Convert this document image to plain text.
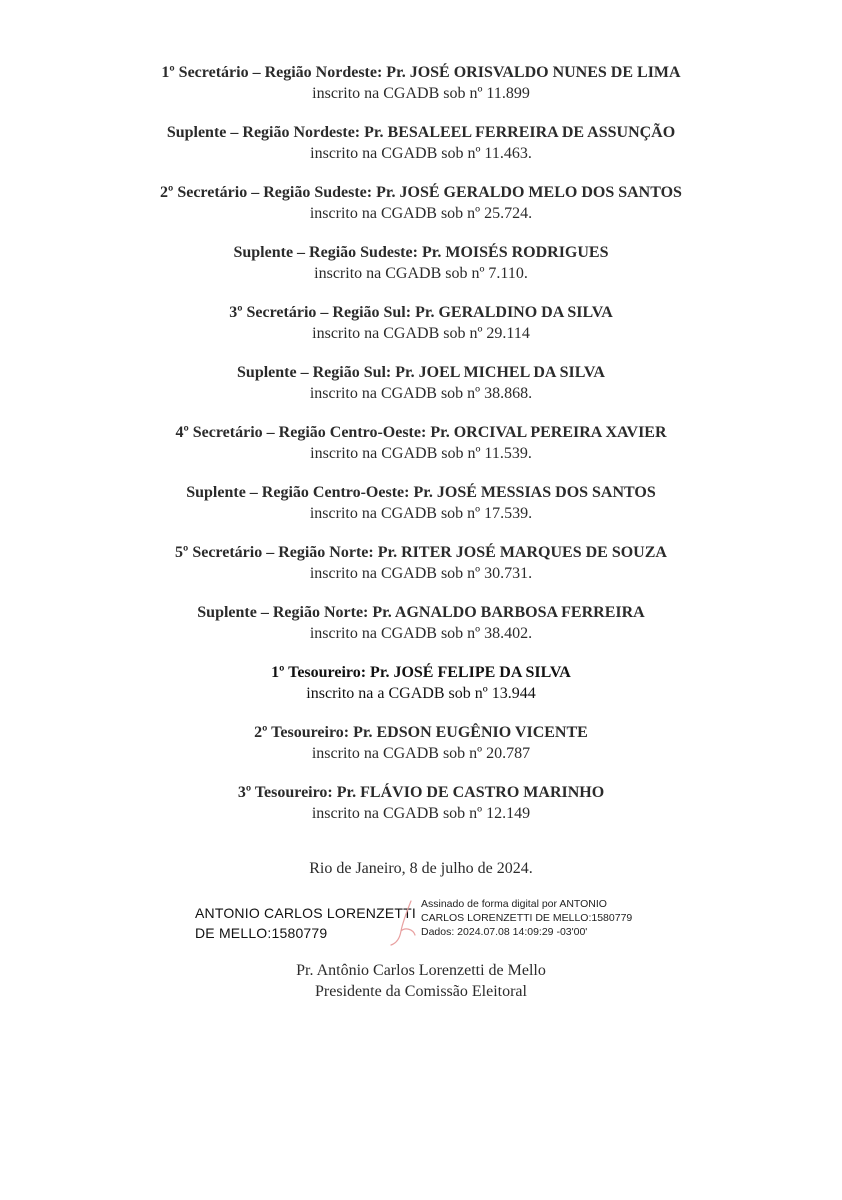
1º Secretário – Região Nordeste: Pr. JOSÉ ORISVALDO NUNES DE LIMA
inscrito na CGADB sob nº 11.899
Suplente – Região Nordeste: Pr. BESALEEL FERREIRA DE ASSUNÇÃO
inscrito na CGADB sob nº 11.463.
2º Secretário – Região Sudeste: Pr. JOSÉ GERALDO MELO DOS SANTOS
inscrito na CGADB sob nº 25.724.
Suplente – Região Sudeste: Pr. MOISÉS RODRIGUES
inscrito na CGADB sob nº 7.110.
3º Secretário – Região Sul: Pr. GERALDINO DA SILVA
inscrito na CGADB sob nº 29.114
Suplente – Região Sul: Pr. JOEL MICHEL DA SILVA
inscrito na CGADB sob nº 38.868.
4º Secretário – Região Centro-Oeste: Pr. ORCIVAL PEREIRA XAVIER
inscrito na CGADB sob nº 11.539.
Suplente – Região Centro-Oeste: Pr. JOSÉ MESSIAS DOS SANTOS
inscrito na CGADB sob nº 17.539.
5º Secretário – Região Norte: Pr. RITER JOSÉ MARQUES DE SOUZA
inscrito na CGADB sob nº 30.731.
Suplente – Região Norte: Pr. AGNALDO BARBOSA FERREIRA
inscrito na CGADB sob nº 38.402.
1º Tesoureiro: Pr. JOSÉ FELIPE DA SILVA
inscrito na a CGADB sob nº 13.944
2º Tesoureiro: Pr. EDSON EUGÊNIO VICENTE
inscrito na CGADB sob nº 20.787
3º Tesoureiro: Pr. FLÁVIO DE CASTRO MARINHO
inscrito na CGADB sob nº 12.149
Rio de Janeiro, 8 de julho de 2024.
ANTONIO CARLOS LORENZETTI
DE MELLO:1580779
Assinado de forma digital por ANTONIO
CARLOS LORENZETTI DE MELLO:1580779
Dados: 2024.07.08 14:09:29 -03'00'
Pr. Antônio Carlos Lorenzetti de Mello
Presidente da Comissão Eleitoral
